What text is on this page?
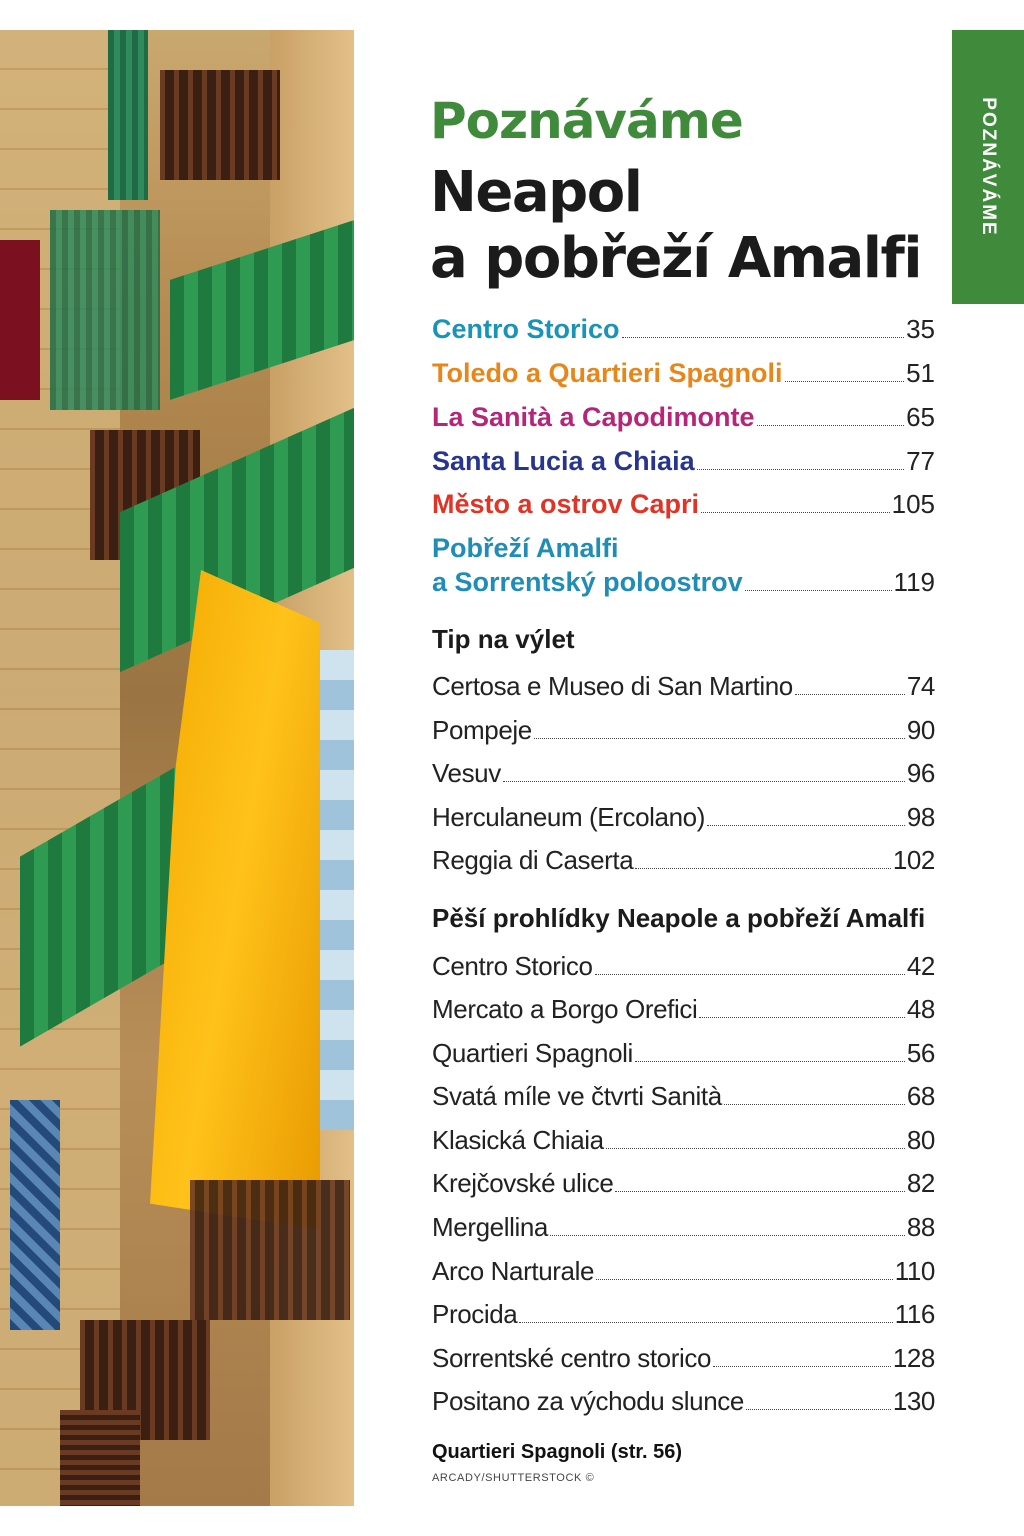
POZNÁVÁME
Poznáváme
Neapol
a pobřeží Amalfi
Centro Storico	35
Toledo a Quartieri Spagnoli	51
La Sanità a Capodimonte	65
Santa Lucia a Chiaia	77
Město a ostrov Capri	105
Pobřeží Amalfi
a Sorrentský poloostrov	119
Tip na výlet
Certosa e Museo di San Martino	74
Pompeje	90
Vesuv	96
Herculaneum (Ercolano)	98
Reggia di Caserta	102
Pěší prohlídky Neapole a pobřeží Amalfi
Centro Storico	42
Mercato a Borgo Orefici	48
Quartieri Spagnoli	56
Svatá míle ve čtvrti Sanità	68
Klasická Chiaia	80
Krejčovské ulice	82
Mergellina	88
Arco Narturale	110
Procida	116
Sorrentské centro storico	128
Positano za východu slunce	130
Quartieri Spagnoli (str. 56)
ARCADY/SHUTTERSTOCK ©
